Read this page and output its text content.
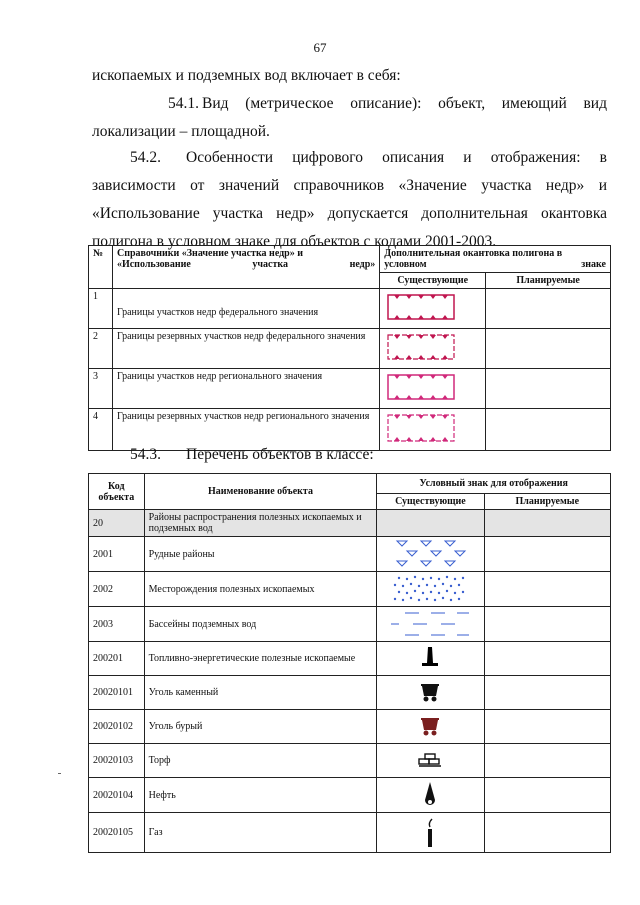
67
ископаемых и подземных вод включает в себя:
54.1. Вид (метрическое описание): объект, имеющий вид
локализации – площадной.
54.2. Особенности цифрового описания и отображения: в зависимости от значений справочников «Значение участка недр» и «Использование участка недр» допускается дополнительная окантовка полигона в условном знаке для объектов с кодами 2001-2003.
№	Справочники «Значение участка недр» и «Использование участка недр»	Дополнительная окантовка полигона в условном знаке	
		Существующие	Планируемые
1	Границы участков недр федерального значения		
2	Границы резервных участков недр федерального значения		
3	Границы участков недр регионального значения		
4	Границы резервных участков недр регионального значения		
54.3. Перечень объектов в классе:
Код объекта	Наименование объекта	Условный знак для отображения	
		Существующие	Планируемые
20	Районы распространения полезных ископаемых и подземных вод		
2001	Рудные районы	

2002	Месторождения полезных ископаемых	

2003	Бассейны подземных вод	

200201	Топливно-энергетические полезные ископаемые	

20020101	Уголь каменный	

20020102	Уголь бурый	

20020103	Торф	

20020104	Нефть	

20020105	Газ	
